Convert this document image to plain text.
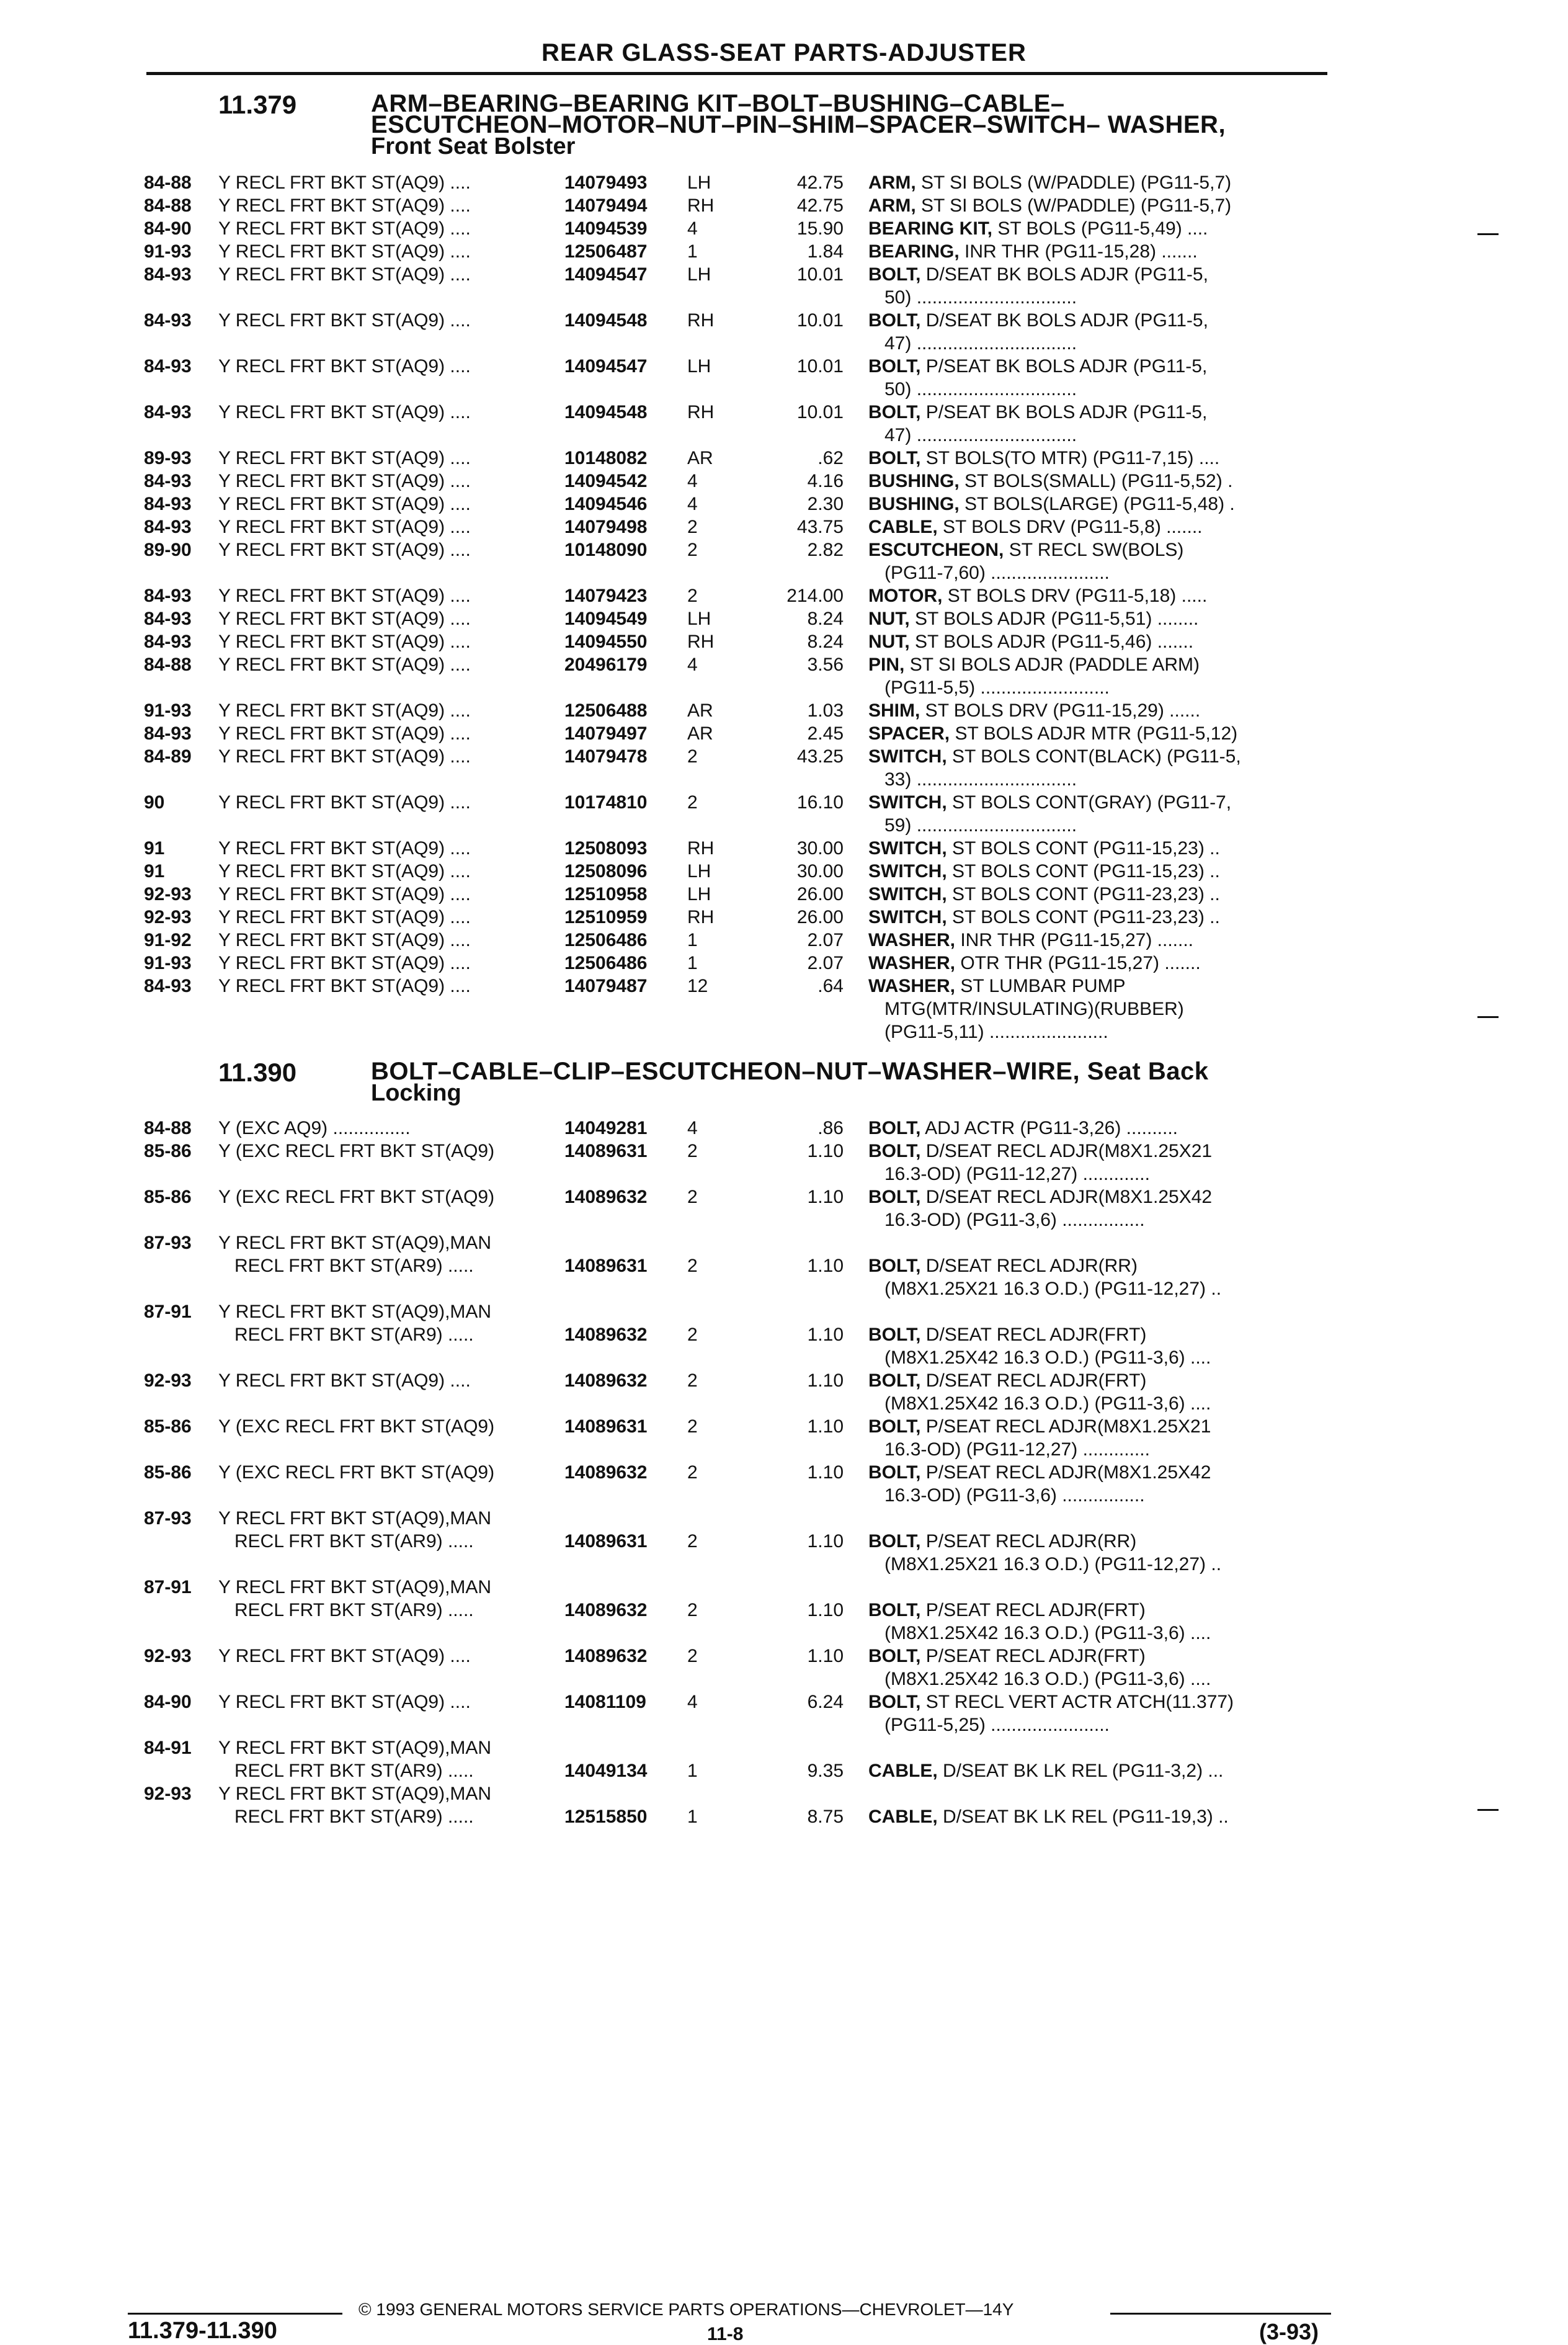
REAR GLASS-SEAT PARTS-ADJUSTER
11.379	ARM–BEARING–BEARING KIT–BOLT–BUSHING–CABLE–
ESCUTCHEON–MOTOR–NUT–PIN–SHIM–SPACER–SWITCH– WASHER,
Front Seat Bolster
84-88 Y RECL FRT BKT ST(AQ9) ....	14079493 LH	42.75 ARM, ST SI BOLS (W/PADDLE) (PG11-5,7)
84-88 Y RECL FRT BKT ST(AQ9) ....	14079494 RH	42.75 ARM, ST SI BOLS (W/PADDLE) (PG11-5,7)
84-90 Y RECL FRT BKT ST(AQ9) ....	14094539 4	15.90 BEARING KIT, ST BOLS (PG11-5,49) ....
91-93 Y RECL FRT BKT ST(AQ9) ....	12506487 1	1.84 BEARING, INR THR (PG11-15,28) .......
84-93 Y RECL FRT BKT ST(AQ9) ....	14094547 LH	10.01 BOLT, D/SEAT BK BOLS ADJR (PG11-5,
50) ...............................
84-93 Y RECL FRT BKT ST(AQ9) ....	14094548 RH	10.01 BOLT, D/SEAT BK BOLS ADJR (PG11-5,
47) ...............................
84-93 Y RECL FRT BKT ST(AQ9) ....	14094547 LH	10.01 BOLT, P/SEAT BK BOLS ADJR (PG11-5,
50) ...............................
84-93 Y RECL FRT BKT ST(AQ9) ....	14094548 RH	10.01 BOLT, P/SEAT BK BOLS ADJR (PG11-5,
47) ...............................
89-93 Y RECL FRT BKT ST(AQ9) ....	10148082 AR	.62 BOLT, ST BOLS(TO MTR) (PG11-7,15) ....
84-93 Y RECL FRT BKT ST(AQ9) ....	14094542 4	4.16 BUSHING, ST BOLS(SMALL) (PG11-5,52) .
84-93 Y RECL FRT BKT ST(AQ9) ....	14094546 4	2.30 BUSHING, ST BOLS(LARGE) (PG11-5,48) .
84-93 Y RECL FRT BKT ST(AQ9) ....	14079498 2	43.75 CABLE, ST BOLS DRV (PG11-5,8) .......
89-90 Y RECL FRT BKT ST(AQ9) ....	10148090 2	2.82 ESCUTCHEON, ST RECL SW(BOLS)
(PG11-7,60) .......................
84-93 Y RECL FRT BKT ST(AQ9) ....	14079423 2	214.00 MOTOR, ST BOLS DRV (PG11-5,18) .....
84-93 Y RECL FRT BKT ST(AQ9) ....	14094549 LH	8.24 NUT, ST BOLS ADJR (PG11-5,51) ........
84-93 Y RECL FRT BKT ST(AQ9) ....	14094550 RH	8.24 NUT, ST BOLS ADJR (PG11-5,46) .......
84-88 Y RECL FRT BKT ST(AQ9) ....	20496179 4	3.56 PIN, ST SI BOLS ADJR (PADDLE ARM)
(PG11-5,5) .........................
91-93 Y RECL FRT BKT ST(AQ9) ....	12506488 AR	1.03 SHIM, ST BOLS DRV (PG11-15,29) ......
84-93 Y RECL FRT BKT ST(AQ9) ....	14079497 AR	2.45 SPACER, ST BOLS ADJR MTR (PG11-5,12)
84-89 Y RECL FRT BKT ST(AQ9) ....	14079478 2	43.25 SWITCH, ST BOLS CONT(BLACK) (PG11-5,
33) ...............................
90	Y RECL FRT BKT ST(AQ9) ....	10174810 2	16.10 SWITCH, ST BOLS CONT(GRAY) (PG11-7,
59) ...............................
91	Y RECL FRT BKT ST(AQ9) ....	12508093 RH	30.00 SWITCH, ST BOLS CONT (PG11-15,23) ..
91	Y RECL FRT BKT ST(AQ9) ....	12508096 LH	30.00 SWITCH, ST BOLS CONT (PG11-15,23) ..
92-93 Y RECL FRT BKT ST(AQ9) ....	12510958 LH	26.00 SWITCH, ST BOLS CONT (PG11-23,23) ..
92-93 Y RECL FRT BKT ST(AQ9) ....	12510959 RH	26.00 SWITCH, ST BOLS CONT (PG11-23,23) ..
91-92 Y RECL FRT BKT ST(AQ9) ....	12506486 1	2.07 WASHER, INR THR (PG11-15,27) .......
91-93 Y RECL FRT BKT ST(AQ9) ....	12506486 1	2.07 WASHER, OTR THR (PG11-15,27) .......
84-93 Y RECL FRT BKT ST(AQ9) ....	14079487 12	.64 WASHER, ST LUMBAR PUMP
MTG(MTR/INSULATING)(RUBBER)
(PG11-5,11) .......................
11.390	BOLT–CABLE–CLIP–ESCUTCHEON–NUT–WASHER–WIRE, Seat Back
Locking
84-88 Y (EXC AQ9) ...............	14049281 4	.86 BOLT, ADJ ACTR (PG11-3,26) ..........
85-86 Y (EXC RECL FRT BKT ST(AQ9)	14089631 2	1.10 BOLT, D/SEAT RECL ADJR(M8X1.25X21
16.3-OD) (PG11-12,27) .............
85-86 Y (EXC RECL FRT BKT ST(AQ9)	14089632 2	1.10 BOLT, D/SEAT RECL ADJR(M8X1.25X42
16.3-OD) (PG11-3,6) ................
87-93 Y RECL FRT BKT ST(AQ9),MAN
RECL FRT BKT ST(AR9) .....	14089631 2	1.10 BOLT, D/SEAT RECL ADJR(RR)
(M8X1.25X21 16.3 O.D.) (PG11-12,27) ..
87-91 Y RECL FRT BKT ST(AQ9),MAN
RECL FRT BKT ST(AR9) .....	14089632 2	1.10 BOLT, D/SEAT RECL ADJR(FRT)
(M8X1.25X42 16.3 O.D.) (PG11-3,6) ....
92-93 Y RECL FRT BKT ST(AQ9) ....	14089632 2	1.10 BOLT, D/SEAT RECL ADJR(FRT)
(M8X1.25X42 16.3 O.D.) (PG11-3,6) ....
85-86 Y (EXC RECL FRT BKT ST(AQ9)	14089631 2	1.10 BOLT, P/SEAT RECL ADJR(M8X1.25X21
16.3-OD) (PG11-12,27) .............
85-86 Y (EXC RECL FRT BKT ST(AQ9)	14089632 2	1.10 BOLT, P/SEAT RECL ADJR(M8X1.25X42
16.3-OD) (PG11-3,6) ................
87-93 Y RECL FRT BKT ST(AQ9),MAN
RECL FRT BKT ST(AR9) .....	14089631 2	1.10 BOLT, P/SEAT RECL ADJR(RR)
(M8X1.25X21 16.3 O.D.) (PG11-12,27) ..
87-91 Y RECL FRT BKT ST(AQ9),MAN
RECL FRT BKT ST(AR9) .....	14089632 2	1.10 BOLT, P/SEAT RECL ADJR(FRT)
(M8X1.25X42 16.3 O.D.) (PG11-3,6) ....
92-93 Y RECL FRT BKT ST(AQ9) ....	14089632 2	1.10 BOLT, P/SEAT RECL ADJR(FRT)
(M8X1.25X42 16.3 O.D.) (PG11-3,6) ....
84-90 Y RECL FRT BKT ST(AQ9) ....	14081109 4	6.24 BOLT, ST RECL VERT ACTR ATCH(11.377)
(PG11-5,25) .......................
84-91 Y RECL FRT BKT ST(AQ9),MAN
RECL FRT BKT ST(AR9) .....	14049134 1	9.35 CABLE, D/SEAT BK LK REL (PG11-3,2) ...
92-93 Y RECL FRT BKT ST(AQ9),MAN
RECL FRT BKT ST(AR9) .....	12515850 1	8.75 CABLE, D/SEAT BK LK REL (PG11-19,3) ..
© 1993 GENERAL MOTORS SERVICE PARTS OPERATIONS—CHEVROLET—14Y
11.379-11.390	11-8	(3-93)
